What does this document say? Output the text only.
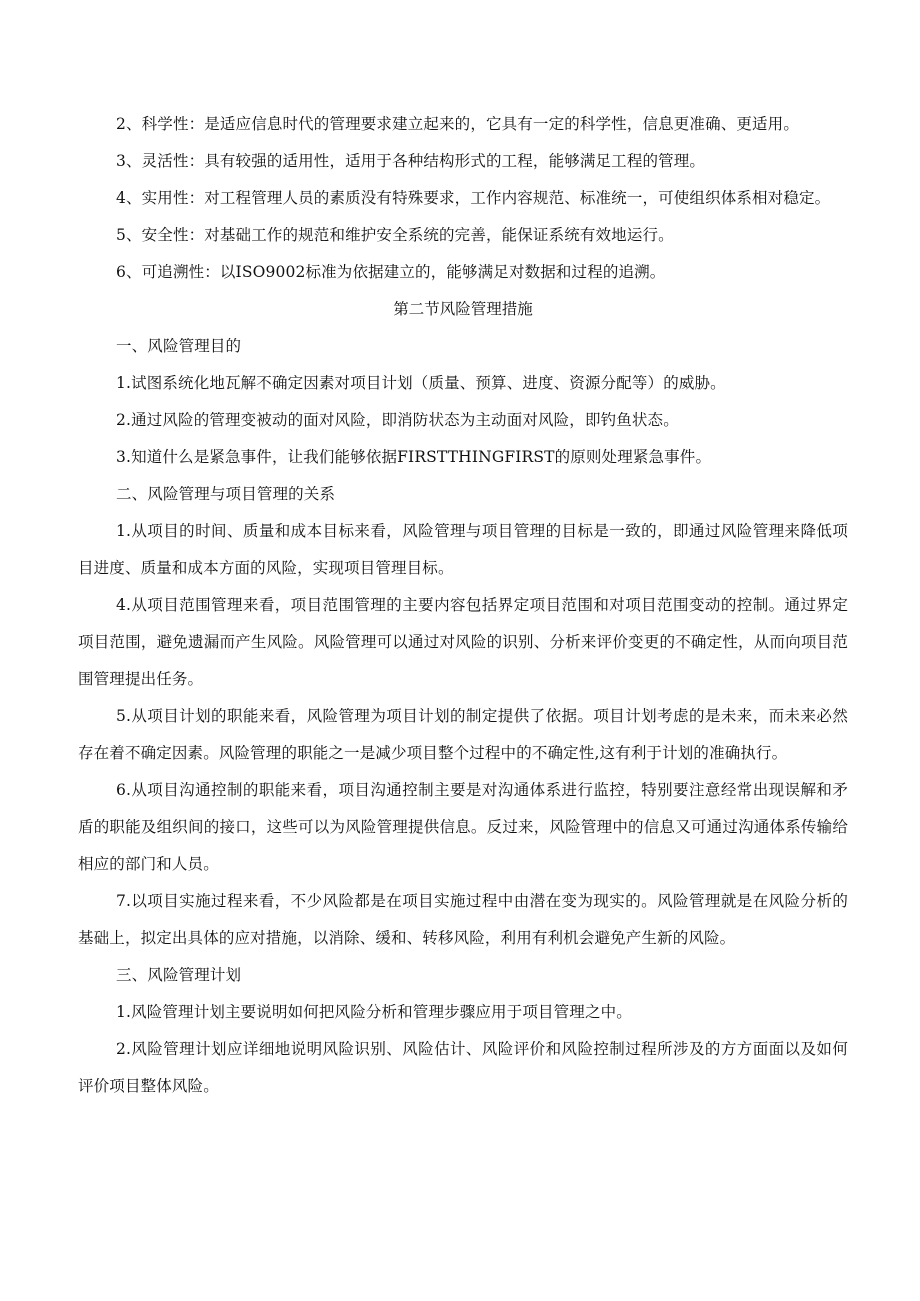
2、科学性：是适应信息时代的管理要求建立起来的，它具有一定的科学性，信息更准确、更适用。

3、灵活性：具有较强的适用性，适用于各种结构形式的工程，能够满足工程的管理。

4、实用性：对工程管理人员的素质没有特殊要求，工作内容规范、标准统一，可使组织体系相对稳定。

5、安全性：对基础工作的规范和维护安全系统的完善，能保证系统有效地运行。

6、可追溯性：以ISO9002标准为依据建立的，能够满足对数据和过程的追溯。

第二节风险管理措施

一、风险管理目的

1.试图系统化地瓦解不确定因素对项目计划（质量、预算、进度、资源分配等）的威胁。

2.通过风险的管理变被动的面对风险，即消防状态为主动面对风险，即钓鱼状态。

3.知道什么是紧急事件，让我们能够依据FIRSTTHINGFIRST的原则处理紧急事件。

二、风险管理与项目管理的关系

1.从项目的时间、质量和成本目标来看，风险管理与项目管理的目标是一致的，即通过风险管理来降低项目进度、质量和成本方面的风险，实现项目管理目标。

4.从项目范围管理来看，项目范围管理的主要内容包括界定项目范围和对项目范围变动的控制。通过界定项目范围，避免遗漏而产生风险。风险管理可以通过对风险的识别、分析来评价变更的不确定性，从而向项目范围管理提出任务。

5.从项目计划的职能来看，风险管理为项目计划的制定提供了依据。项目计划考虑的是未来，而未来必然存在着不确定因素。风险管理的职能之一是减少项目整个过程中的不确定性,这有利于计划的准确执行。

6.从项目沟通控制的职能来看，项目沟通控制主要是对沟通体系进行监控，特别要注意经常出现误解和矛盾的职能及组织间的接口，这些可以为风险管理提供信息。反过来，风险管理中的信息又可通过沟通体系传输给相应的部门和人员。

7.以项目实施过程来看，不少风险都是在项目实施过程中由潜在变为现实的。风险管理就是在风险分析的基础上，拟定出具体的应对措施，以消除、缓和、转移风险，利用有利机会避免产生新的风险。

三、风险管理计划

1.风险管理计划主要说明如何把风险分析和管理步骤应用于项目管理之中。

2.风险管理计划应详细地说明风险识别、风险估计、风险评价和风险控制过程所涉及的方方面面以及如何评价项目整体风险。
